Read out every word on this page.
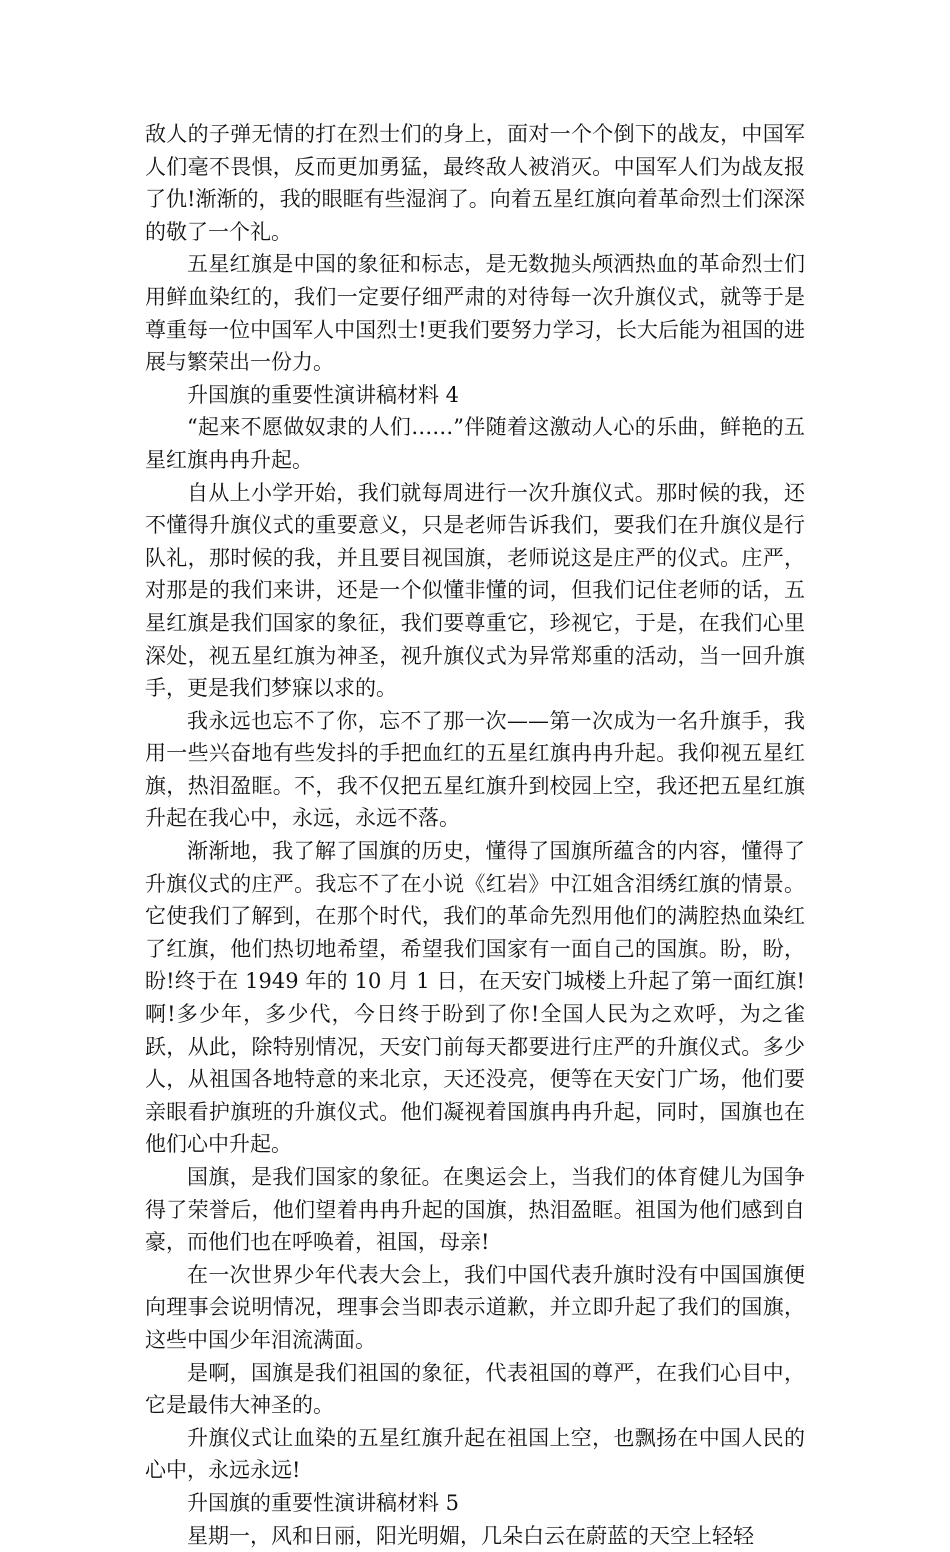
敌人的子弹无情的打在烈士们的身上，面对一个个倒下的战友，中国军人们毫不畏惧，反而更加勇猛，最终敌人被消灭。中国军人们为战友报了仇!渐渐的，我的眼眶有些湿润了。向着五星红旗向着革命烈士们深深的敬了一个礼。

五星红旗是中国的象征和标志，是无数抛头颅洒热血的革命烈士们用鲜血染红的，我们一定要仔细严肃的对待每一次升旗仪式，就等于是尊重每一位中国军人中国烈士!更我们要努力学习，长大后能为祖国的进展与繁荣出一份力。

升国旗的重要性演讲稿材料 4

“起来不愿做奴隶的人们……”伴随着这激动人心的乐曲，鲜艳的五星红旗冉冉升起。

自从上小学开始，我们就每周进行一次升旗仪式。那时候的我，还不懂得升旗仪式的重要意义，只是老师告诉我们，要我们在升旗仪是行队礼，那时候的我，并且要目视国旗，老师说这是庄严的仪式。庄严，对那是的我们来讲，还是一个似懂非懂的词，但我们记住老师的话，五星红旗是我们国家的象征，我们要尊重它，珍视它，于是，在我们心里深处，视五星红旗为神圣，视升旗仪式为异常郑重的活动，当一回升旗手，更是我们梦寐以求的。

我永远也忘不了你，忘不了那一次——第一次成为一名升旗手，我用一些兴奋地有些发抖的手把血红的五星红旗冉冉升起。我仰视五星红旗，热泪盈眶。不，我不仅把五星红旗升到校园上空，我还把五星红旗升起在我心中，永远，永远不落。

渐渐地，我了解了国旗的历史，懂得了国旗所蕴含的内容，懂得了升旗仪式的庄严。我忘不了在小说《红岩》中江姐含泪绣红旗的情景。它使我们了解到，在那个时代，我们的革命先烈用他们的满腔热血染红了红旗，他们热切地希望，希望我们国家有一面自己的国旗。盼，盼，盼!终于在 1949 年的 10 月 1 日，在天安门城楼上升起了第一面红旗!啊!多少年，多少代，今日终于盼到了你!全国人民为之欢呼，为之雀跃，从此，除特别情况，天安门前每天都要进行庄严的升旗仪式。多少人，从祖国各地特意的来北京，天还没亮，便等在天安门广场，他们要亲眼看护旗班的升旗仪式。他们凝视着国旗冉冉升起，同时，国旗也在他们心中升起。

国旗，是我们国家的象征。在奥运会上，当我们的体育健儿为国争得了荣誉后，他们望着冉冉升起的国旗，热泪盈眶。祖国为他们感到自豪，而他们也在呼唤着，祖国，母亲!

在一次世界少年代表大会上，我们中国代表升旗时没有中国国旗便向理事会说明情况，理事会当即表示道歉，并立即升起了我们的国旗，这些中国少年泪流满面。

是啊，国旗是我们祖国的象征，代表祖国的尊严，在我们心目中，它是最伟大神圣的。

升旗仪式让血染的五星红旗升起在祖国上空，也飘扬在中国人民的心中，永远永远!

升国旗的重要性演讲稿材料 5

星期一，风和日丽，阳光明媚，几朵白云在蔚蓝的天空上轻轻
